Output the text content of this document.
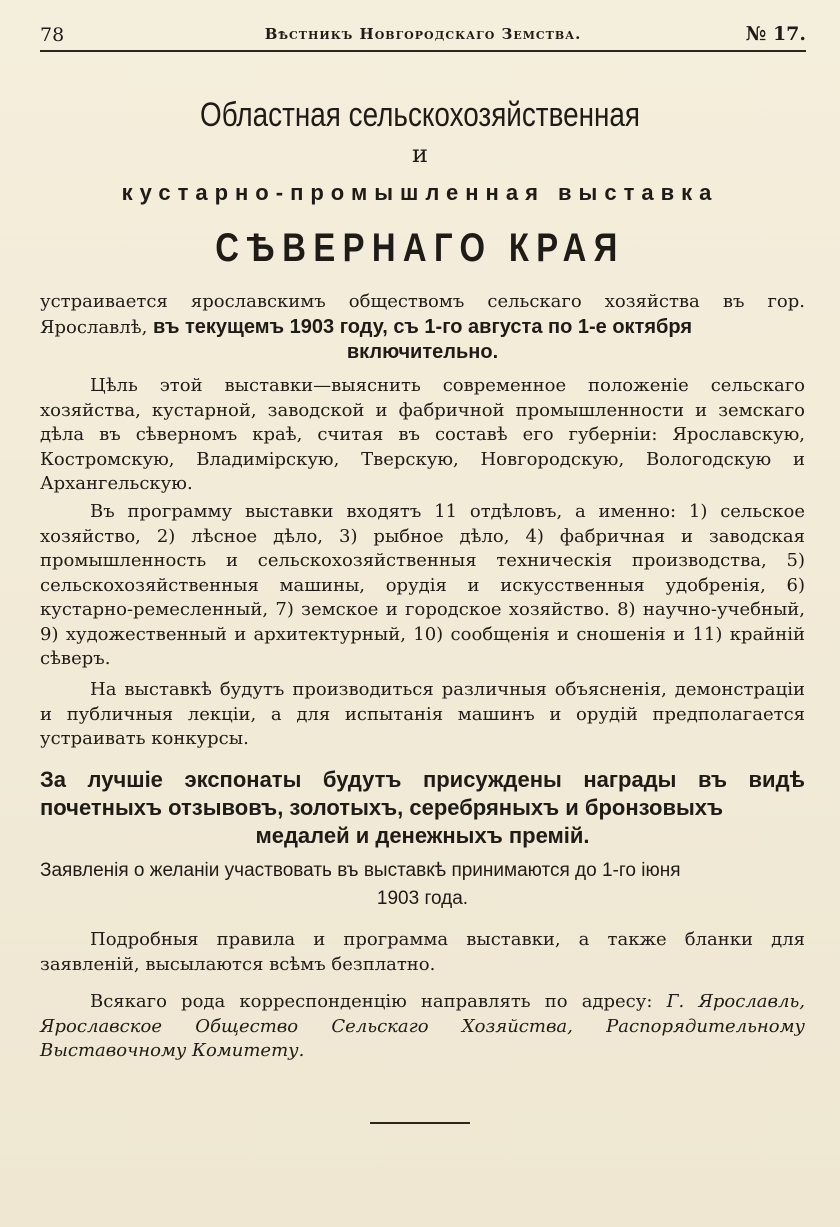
78	Вѣстникъ Новгородскаго Земства.	№ 17.
Областная сельскохозяйственная
и
кустарно-промышленная выставка
СѢВЕРНАГО КРАЯ
устраивается ярославскимъ обществомъ сельскаго хозяйства въ гор. Ярославлѣ, въ текущемъ 1903 году, съ 1-го августа по 1-е октября
включительно.
Цѣль этой выставки—выяснить современное положенiе сельскаго хозяйства, кустарной, заводской и фабричной промышленности и земскаго дѣла въ сѣверномъ краѣ, считая въ составѣ его губерніи: Ярославскую, Костромскую, Владимірскую, Тверскую, Новгородскую, Вологодскую и Архангельскую.
Въ программу выставки входятъ 11 отдѣловъ, а именно: 1) сельское хозяйство, 2) лѣсное дѣло, 3) рыбное дѣло, 4) фабричная и заводская промышленность и сельскохозяйственныя техническія производства, 5) сельскохозяйственныя машины, орудія и искусственныя удобренія, 6) кустарно-ремесленный, 7) земское и городское хозяйство. 8) научно-учебный, 9) художественный и архитектурный, 10) сообщенія и сношенія и 11) крайній сѣверъ.
На выставкѣ будутъ производиться различныя объясненія, демонстраціи и публичныя лекціи, а для испытанія машинъ и орудій предполагается устраивать конкурсы.
За лучшіе экспонаты будутъ присуждены награды въ видѣ почетныхъ отзывовъ, золотыхъ, серебряныхъ и бронзовыхъ
медалей и денежныхъ премій.
Заявленія о желаніи участвовать въ выставкѣ принимаются до 1-го іюня
1903 года.
Подробныя правила и программа выставки, а также бланки для заявленій, высылаются всѣмъ безплатно.
Всякаго рода корреспонденцію направлять по адресу: Г. Ярославль, Ярославское Общество Сельскаго Хозяйства, Распорядительному Выставочному Комитету.
